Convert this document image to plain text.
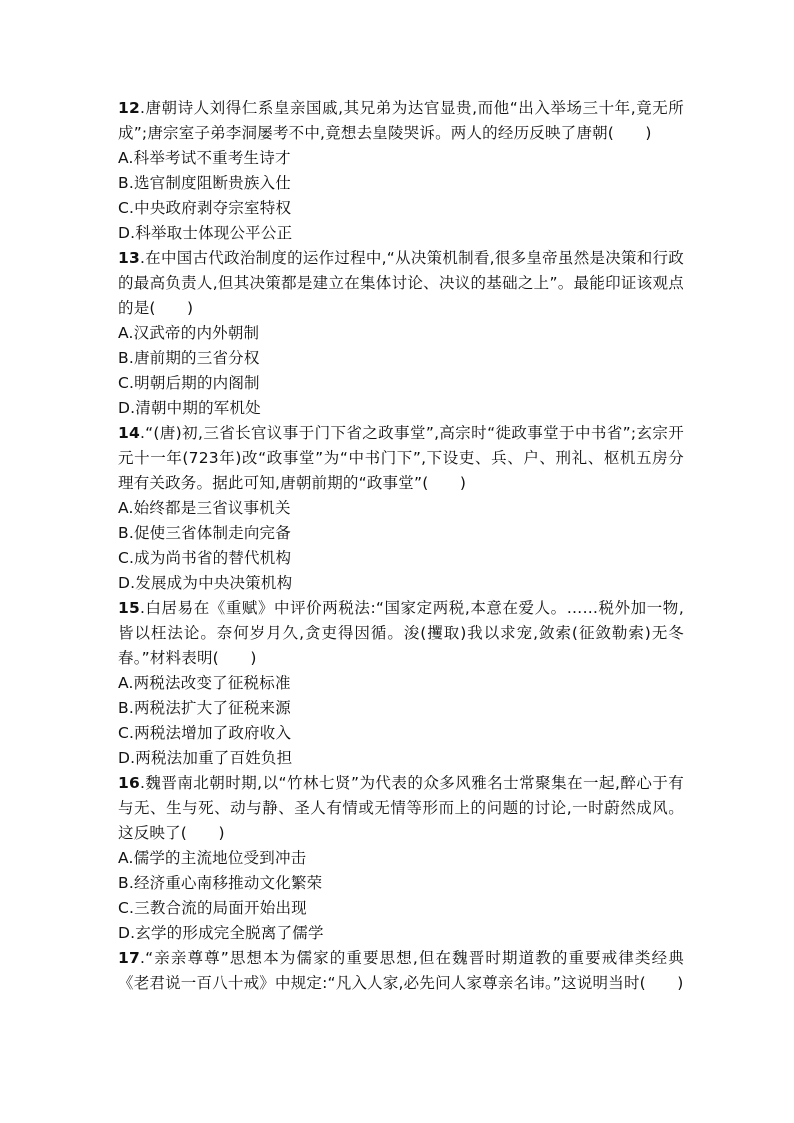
12.唐朝诗人刘得仁系皇亲国戚,其兄弟为达官显贵,而他“出入举场三十年,竟无所成”;唐宗室子弟李洞屡考不中,竟想去皇陵哭诉。两人的经历反映了唐朝(　　)

A.科举考试不重考生诗才

B.选官制度阻断贵族入仕

C.中央政府剥夺宗室特权

D.科举取士体现公平公正

13.在中国古代政治制度的运作过程中,“从决策机制看,很多皇帝虽然是决策和行政的最高负责人,但其决策都是建立在集体讨论、决议的基础之上”。最能印证该观点的是(　　)

A.汉武帝的内外朝制

B.唐前期的三省分权

C.明朝后期的内阁制

D.清朝中期的军机处

14.“(唐)初,三省长官议事于门下省之政事堂”,高宗时“徙政事堂于中书省”;玄宗开元十一年(723年)改“政事堂”为“中书门下”,下设吏、兵、户、刑礼、枢机五房分理有关政务。据此可知,唐朝前期的“政事堂”(　　)

A.始终都是三省议事机关

B.促使三省体制走向完备

C.成为尚书省的替代机构

D.发展成为中央决策机构

15.白居易在《重赋》中评价两税法:“国家定两税,本意在爱人。……税外加一物,皆以枉法论。奈何岁月久,贪吏得因循。浚(攫取)我以求宠,敛索(征敛勒索)无冬春。”材料表明(　　)

A.两税法改变了征税标准

B.两税法扩大了征税来源

C.两税法增加了政府收入

D.两税法加重了百姓负担

16.魏晋南北朝时期,以“竹林七贤”为代表的众多风雅名士常聚集在一起,醉心于有与无、生与死、动与静、圣人有情或无情等形而上的问题的讨论,一时蔚然成风。这反映了(　　)

A.儒学的主流地位受到冲击

B.经济重心南移推动文化繁荣

C.三教合流的局面开始出现

D.玄学的形成完全脱离了儒学

17.“亲亲尊尊”思想本为儒家的重要思想,但在魏晋时期道教的重要戒律类经典《老君说一百八十戒》中规定:“凡入人家,必先问人家尊亲名讳。”这说明当时(　　)
